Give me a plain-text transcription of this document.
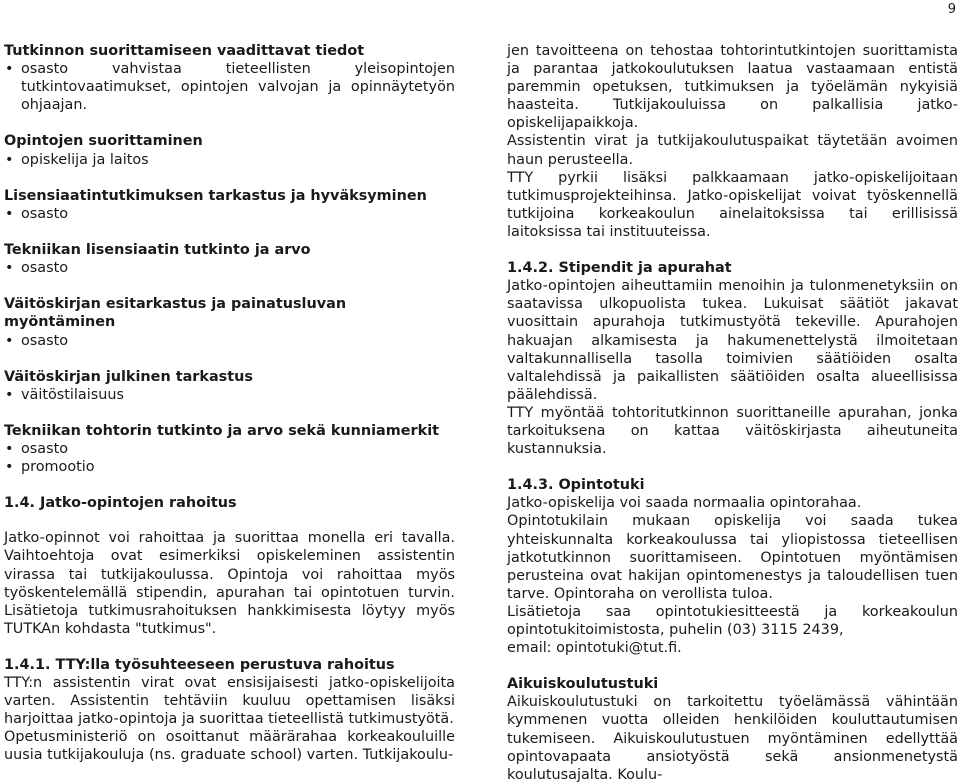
9
Tutkinnon suorittamiseen vaadittavat tiedot
• osasto vahvistaa tieteellisten yleisopintojen tutkintovaatimukset, opintojen valvojan ja opinnäytetyön ohjaajan.
Opintojen suorittaminen
• opiskelija ja laitos
Lisensiaatintutkimuksen tarkastus ja hyväksyminen
• osasto
Tekniikan lisensiaatin tutkinto ja arvo
• osasto
Väitöskirjan esitarkastus ja painatusluvan myöntäminen
• osasto
Väitöskirjan julkinen tarkastus
• väitöstilaisuus
Tekniikan tohtorin tutkinto ja arvo sekä kunniamerkit
• osasto
• promootio
1.4. Jatko-opintojen rahoitus

Jatko-opinnot voi rahoittaa ja suorittaa monella eri tavalla. Vaihtoehtoja ovat esimerkiksi opiskeleminen assistentin virassa tai tutkijakoulussa. Opintoja voi rahoittaa myös työskentelemällä stipendin, apurahan tai opintotuen turvin. Lisätietoja tutkimusrahoituksen hankkimisesta löytyy myös TUTKAn kohdasta "tutkimus".

1.4.1. TTY:lla työsuhteeseen perustuva rahoitus

TTY:n assistentin virat ovat ensisijaisesti jatko-opiskelijoita varten. Assistentin tehtäviin kuuluu opettamisen lisäksi harjoittaa jatko-opintoja ja suorittaa tieteellistä tutkimustyötä.

Opetusministeriö on osoittanut määrärahaa korkeakouluille uusia tutkijakouluja (ns. graduate school) varten. Tutkijakoulu-

jen tavoitteena on tehostaa tohtorintutkintojen suorittamista ja parantaa jatkokoulutuksen laatua vastaamaan entistä paremmin opetuksen, tutkimuksen ja työelämän nykyisiä haasteita. Tutkijakouluissa on palkallisia jatko-opiskelijapaikkoja.

Assistentin virat ja tutkijakoulutuspaikat täytetään avoimen haun perusteella.

TTY pyrkii lisäksi palkkaamaan jatko-opiskelijoitaan tutkimusprojekteihinsa. Jatko-opiskelijat voivat työskennellä tutkijoina korkeakoulun ainelaitoksissa tai erillisissä laitoksissa tai instituuteissa.

1.4.2. Stipendit ja apurahat

Jatko-opintojen aiheuttamiin menoihin ja tulonmenetyksiin on saatavissa ulkopuolista tukea. Lukuisat säätiöt jakavat vuosittain apurahoja tutkimustyötä tekeville. Apurahojen hakuajan alkamisesta ja hakumenettelystä ilmoitetaan valtakunnallisella tasolla toimivien säätiöiden osalta valtalehdissä ja paikallisten säätiöiden osalta alueellisissa päälehdissä.

TTY myöntää tohtoritutkinnon suorittaneille apurahan, jonka tarkoituksena on kattaa väitöskirjasta aiheutuneita kustannuksia.

1.4.3. Opintotuki

Jatko-opiskelija voi saada normaalia opintorahaa.

Opintotukilain mukaan opiskelija voi saada tukea yhteiskunnalta korkeakoulussa tai yliopistossa tieteellisen jatkotutkinnon suorittamiseen. Opintotuen myöntämisen perusteina ovat hakijan opintomenestys ja taloudellisen tuen tarve. Opintoraha on verollista tuloa.

Lisätietoja saa opintotukiesitteestä ja korkeakoulun opintotukitoimistosta, puhelin (03) 3115 2439,

email: opintotuki@tut.fi.

Aikuiskoulutustuki

Aikuiskoulutustuki on tarkoitettu työelämässä vähintään kymmenen vuotta olleiden henkilöiden kouluttautumisen tukemiseen. Aikuiskoulutustuen myöntäminen edellyttää opintovapaata ansiotyöstä sekä ansionmenetystä koulutusajalta. Koulu-
